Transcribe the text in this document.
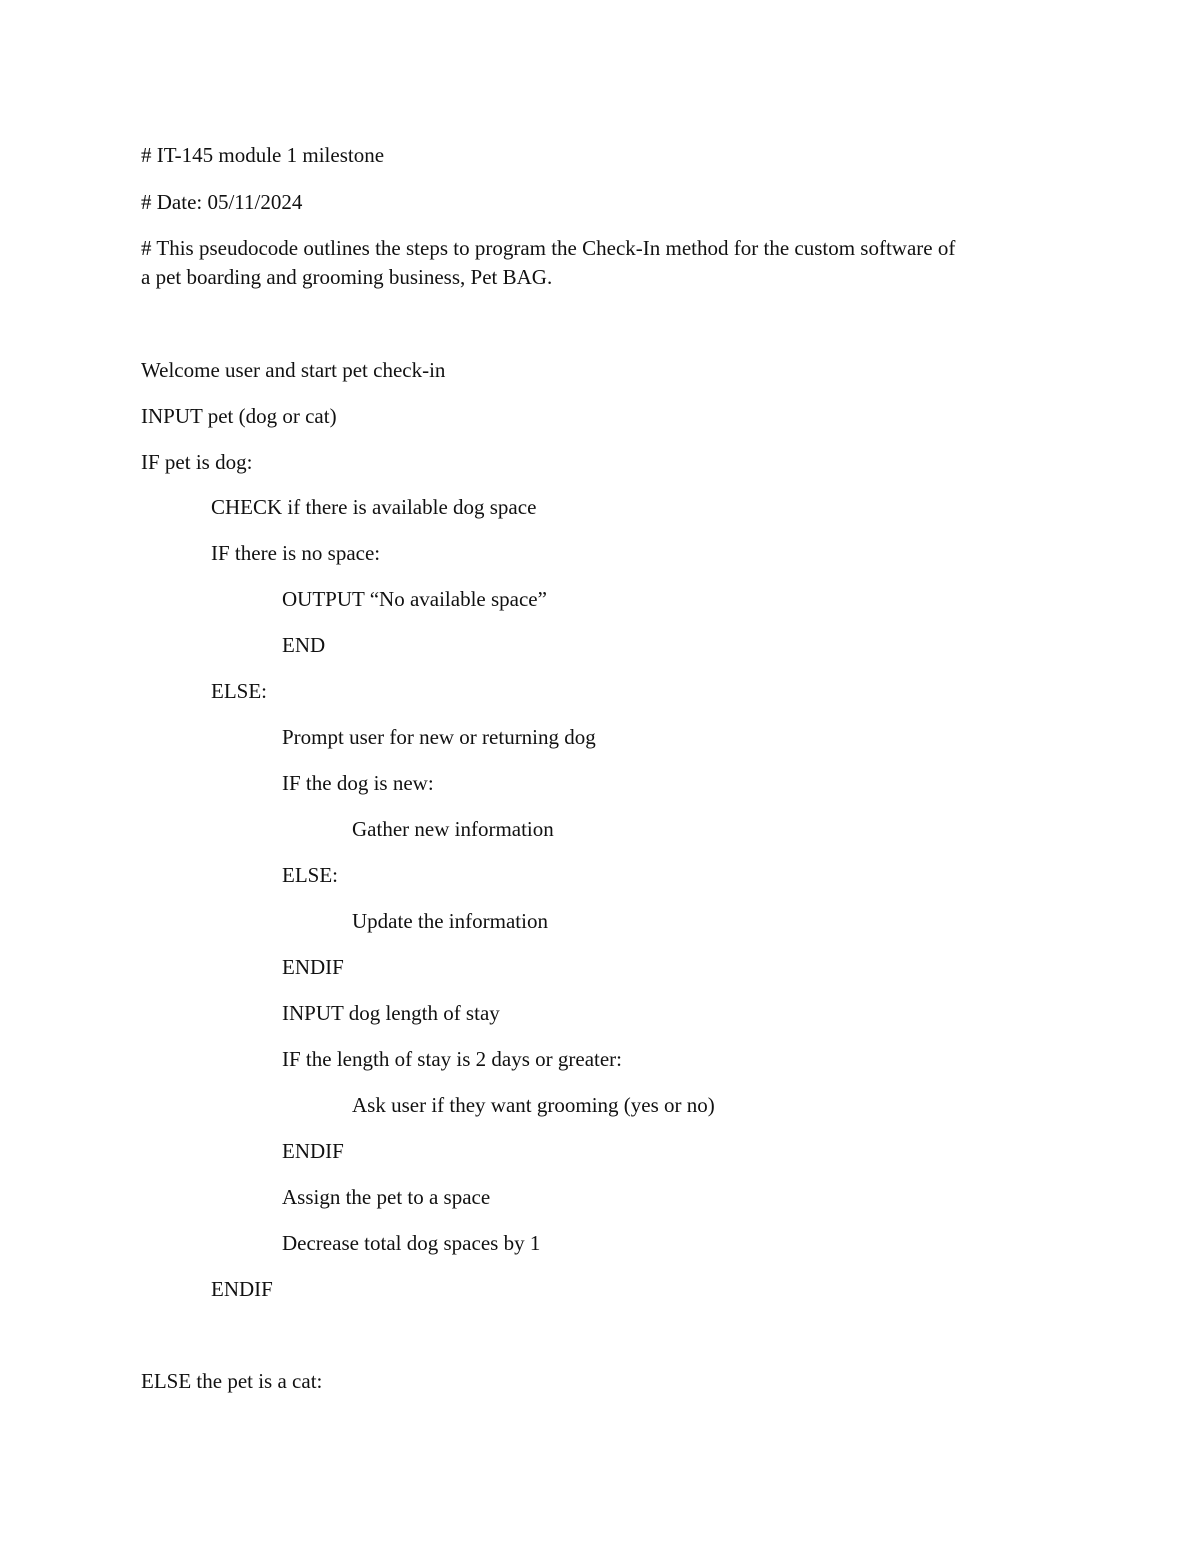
# IT-145 module 1 milestone
# Date: 05/11/2024
# This pseudocode outlines the steps to program the Check-In method for the custom software of
a pet boarding and grooming business, Pet BAG.
Welcome user and start pet check-in
INPUT pet (dog or cat)
IF pet is dog:
CHECK if there is available dog space
IF there is no space:
OUTPUT “No available space”
END
ELSE:
Prompt user for new or returning dog
IF the dog is new:
Gather new information
ELSE:
Update the information
ENDIF
INPUT dog length of stay
IF the length of stay is 2 days or greater:
Ask user if they want grooming (yes or no)
ENDIF
Assign the pet to a space
Decrease total dog spaces by 1
ENDIF
ELSE the pet is a cat:
